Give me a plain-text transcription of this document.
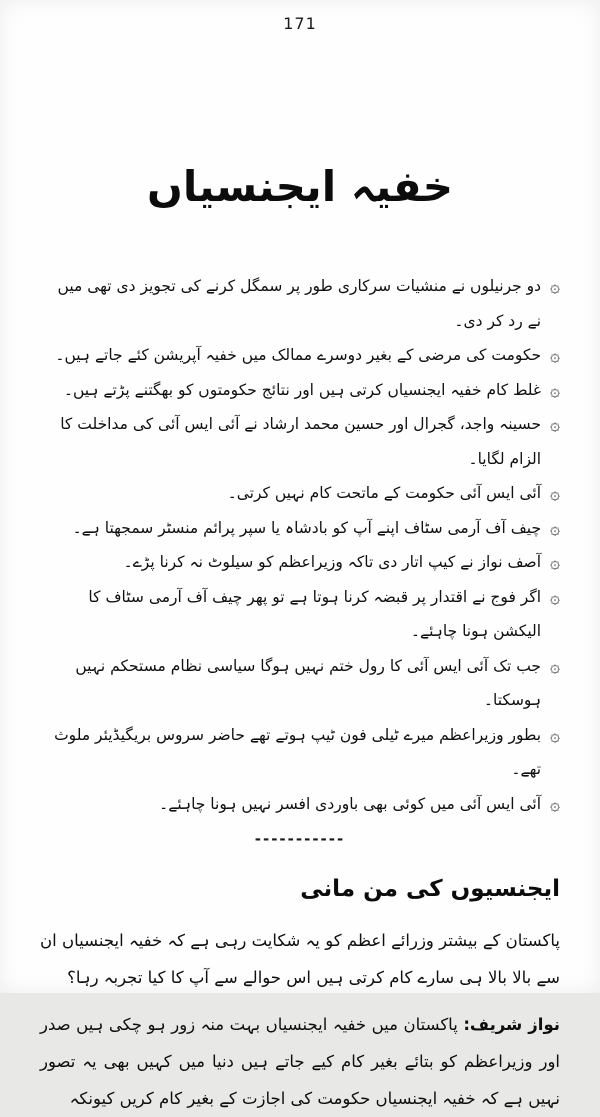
171
خفیہ ایجنسیاں
۞
دو جرنیلوں نے منشیات سرکاری طور پر سمگل کرنے کی تجویز دی تھی میں نے رد کر دی۔
۞
حکومت کی مرضی کے بغیر دوسرے ممالک میں خفیہ آپریشن کئے جاتے ہیں۔
۞
غلط کام خفیہ ایجنسیاں کرتی ہیں اور نتائج حکومتوں کو بھگتنے پڑتے ہیں۔
۞
حسینہ واجد، گجرال اور حسین محمد ارشاد نے آئی ایس آئی کی مداخلت کا الزام لگایا۔
۞
آئی ایس آئی حکومت کے ماتحت کام نہیں کرتی۔
۞
چیف آف آرمی سٹاف اپنے آپ کو بادشاہ یا سپر پرائم منسٹر سمجھتا ہے۔
۞
آصف نواز نے کیپ اتار دی تاکہ وزیراعظم کو سیلوٹ نہ کرنا پڑے۔
۞
اگر فوج نے اقتدار پر قبضہ کرنا ہوتا ہے تو پھر چیف آف آرمی سٹاف کا الیکشن ہونا چاہئے۔
۞
جب تک آئی ایس آئی کا رول ختم نہیں ہوگا سیاسی نظام مستحکم نہیں ہوسکتا۔
۞
بطور وزیراعظم میرے ٹیلی فون ٹیپ ہوتے تھے حاضر سروس بریگیڈیئر ملوث تھے۔
۞
آئی ایس آئی میں کوئی بھی باوردی افسر نہیں ہونا چاہئے۔
-----------
ایجنسیوں کی من مانی

پاکستان کے بیشتر وزرائے اعظم کو یہ شکایت رہی ہے کہ خفیہ ایجنسیاں ان سے بالا بالا ہی سارے کام کرتی ہیں اس حوالے سے آپ کا کیا تجربہ رہا؟

نواز شریف: پاکستان میں خفیہ ایجنسیاں بہت منہ زور ہو چکی ہیں صدر اور وزیراعظم کو بتائے بغیر کام کیے جاتے ہیں دنیا میں کہیں بھی یہ تصور نہیں ہے کہ خفیہ ایجنسیاں حکومت کی اجازت کے بغیر کام کریں کیونکہ
